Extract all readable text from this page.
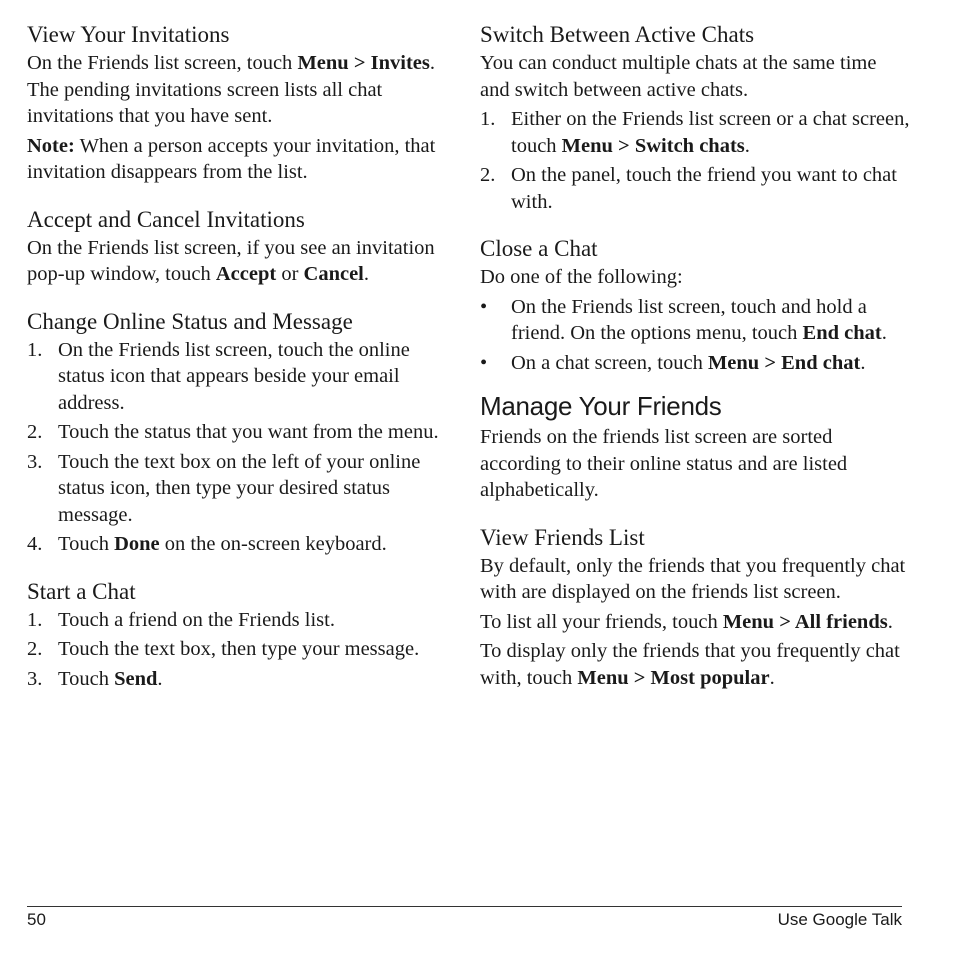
View Your Invitations

On the Friends list screen, touch Menu > Invites. The pending invitations screen lists all chat invitations that you have sent.

Note: When a person accepts your invitation, that invitation disappears from the list.

Accept and Cancel Invitations

On the Friends list screen, if you see an invitation pop-up window, touch Accept or Cancel.

Change Online Status and Message
1. On the Friends list screen, touch the online status icon that appears beside your email address.
2. Touch the status that you want from the menu.
3. Touch the text box on the left of your online status icon, then type your desired status message.
4. Touch Done on the on-screen keyboard.
Start a Chat
1. Touch a friend on the Friends list.
2. Touch the text box, then type your message.
3. Touch Send.
Switch Between Active Chats

You can conduct multiple chats at the same time and switch between active chats.

1. Either on the Friends list screen or a chat screen, touch Menu > Switch chats.
2. On the panel, touch the friend you want to chat with.
Close a Chat

Do one of the following:

• On the Friends list screen, touch and hold a friend. On the options menu, touch End chat.
• On a chat screen, touch Menu > End chat.
Manage Your Friends

Friends on the friends list screen are sorted according to their online status and are listed alphabetically.

View Friends List

By default, only the friends that you frequently chat with are displayed on the friends list screen.

To list all your friends, touch Menu > All friends.

To display only the friends that you frequently chat with, touch Menu > Most popular.

50	Use Google Talk
